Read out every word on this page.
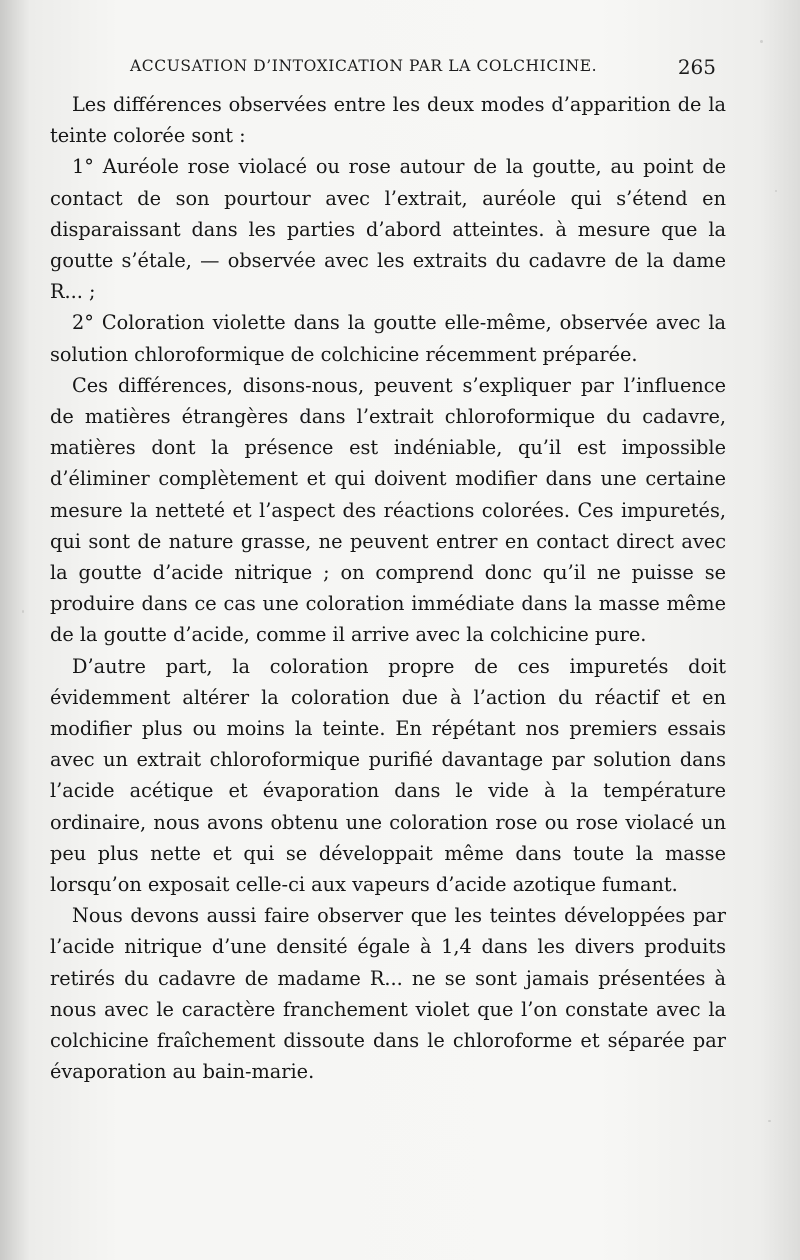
ACCUSATION D’INTOXICATION PAR LA COLCHICINE.	265

Les différences observées entre les deux modes d’apparition de la teinte colorée sont :

1° Auréole rose violacé ou rose autour de la goutte, au point de contact de son pourtour avec l’extrait, auréole qui s’étend en disparaissant dans les parties d’abord atteintes. à mesure que la goutte s’étale, — observée avec les extraits du cadavre de la dame R... ;

2° Coloration violette dans la goutte elle-même, observée avec la solution chloroformique de colchicine récemment préparée.

Ces différences, disons-nous, peuvent s’expliquer par l’influence de matières étrangères dans l’extrait chloroformique du cadavre, matières dont la présence est indéniable, qu’il est impossible d’éliminer complètement et qui doivent modifier dans une certaine mesure la netteté et l’aspect des réactions colorées. Ces impuretés, qui sont de nature grasse, ne peuvent entrer en contact direct avec la goutte d’acide nitrique ; on comprend donc qu’il ne puisse se produire dans ce cas une coloration immédiate dans la masse même de la goutte d’acide, comme il arrive avec la colchicine pure.

D’autre part, la coloration propre de ces impuretés doit évidemment altérer la coloration due à l’action du réactif et en modifier plus ou moins la teinte. En répétant nos premiers essais avec un extrait chloroformique purifié davantage par solution dans l’acide acétique et évaporation dans le vide à la température ordinaire, nous avons obtenu une coloration rose ou rose violacé un peu plus nette et qui se développait même dans toute la masse lorsqu’on exposait celle-ci aux vapeurs d’acide azotique fumant.

Nous devons aussi faire observer que les teintes développées par l’acide nitrique d’une densité égale à 1,4 dans les divers produits retirés du cadavre de madame R... ne se sont jamais présentées à nous avec le caractère franchement violet que l’on constate avec la colchicine fraîchement dissoute dans le chloroforme et séparée par évaporation au bain-marie.
